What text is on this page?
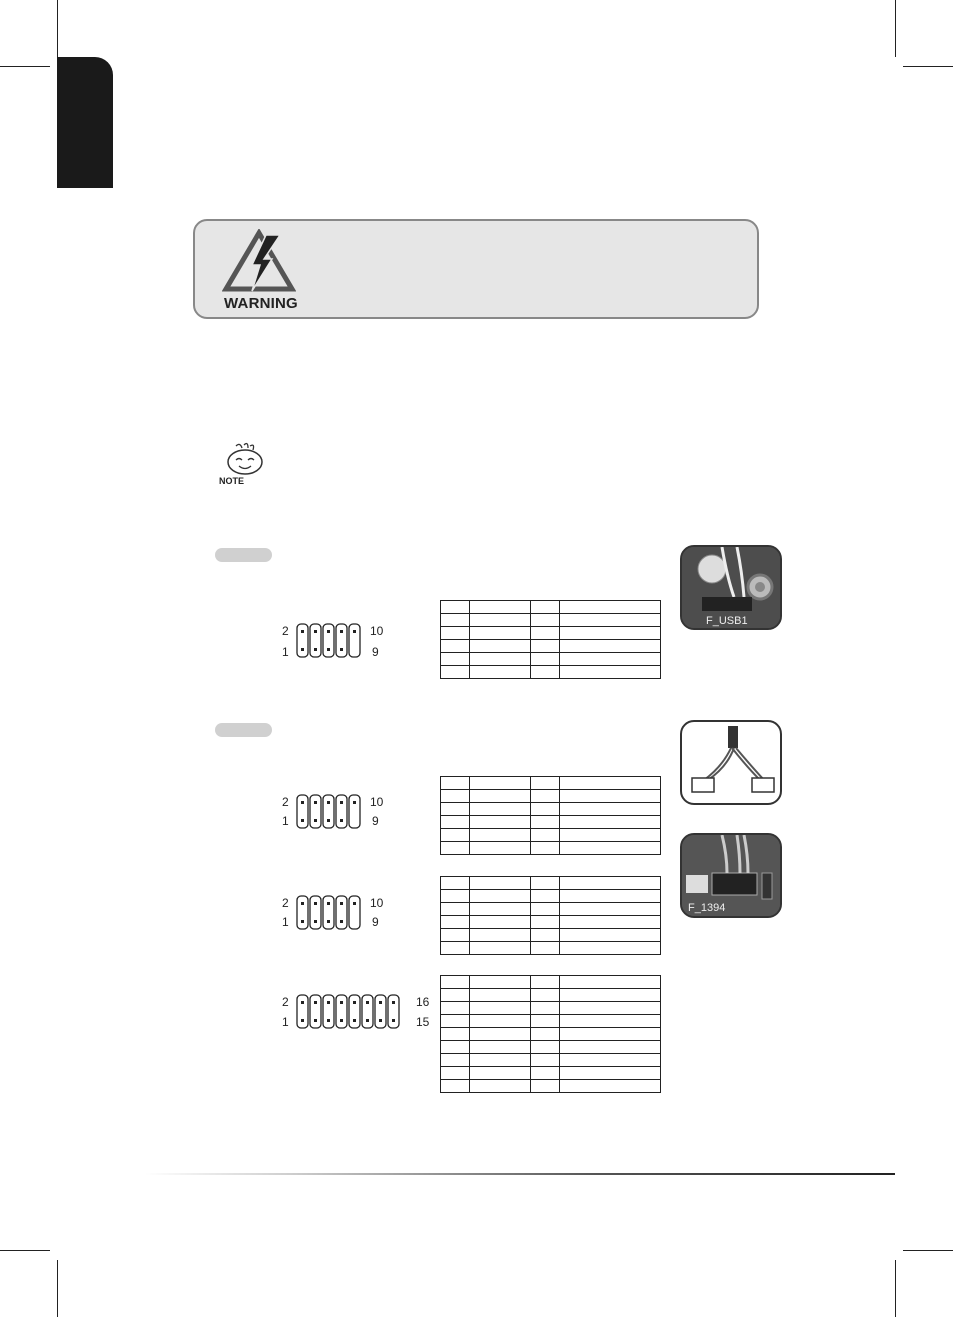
WARNING
NOTE
2
1
10
9

2
1
10
9

2
1
10
9

2
1
16
15

F_USB1
F_1394
